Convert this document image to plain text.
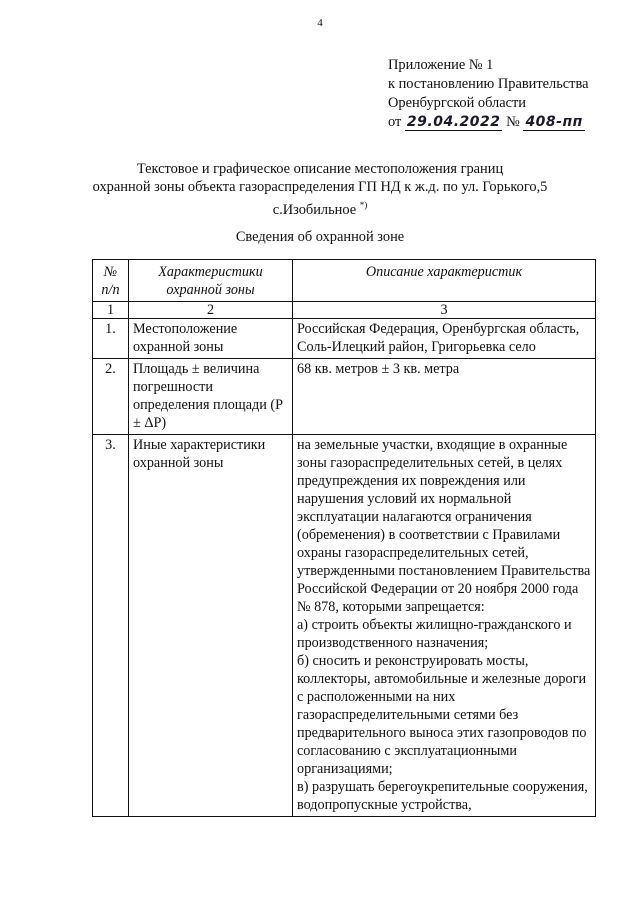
4
Приложение № 1
к постановлению Правительства
Оренбургской области
от 29.04.2022 № 408-пп
Текстовое и графическое описание местоположения границ
охранной зоны объекта газораспределения ГП НД к ж.д. по ул. Горького,5
с.Изобильное *)
Сведения об охранной зоне
№ п/п	Характеристики охранной зоны	Описание характеристик
1	2	3
1.	Местоположение охранной зоны	Российская Федерация, Оренбургская область, Соль-Илецкий район, Григорьевка село
2.	Площадь ± величина погрешности определения площади (P ± ΔP)	68 кв. метров ± 3 кв. метра
3.	Иные характеристики охранной зоны	на земельные участки, входящие в охранные зоны газораспределительных сетей, в целях предупреждения их повреждения или нарушения условий их нормальной эксплуатации налагаются ограничения (обременения) в соответствии с Правилами охраны газораспределительных сетей, утвержденными постановлением Правительства Российской Федерации от 20 ноября 2000 года № 878, которыми запрещается:
а) строить объекты жилищно-гражданского и производственного назначения;
б) сносить и реконструировать мосты, коллекторы, автомобильные и железные дороги с расположенными на них газораспределительными сетями без предварительного выноса этих газопроводов по согласованию с эксплуатационными организациями;
в) разрушать берегоукрепительные сооружения, водопропускные устройства,
